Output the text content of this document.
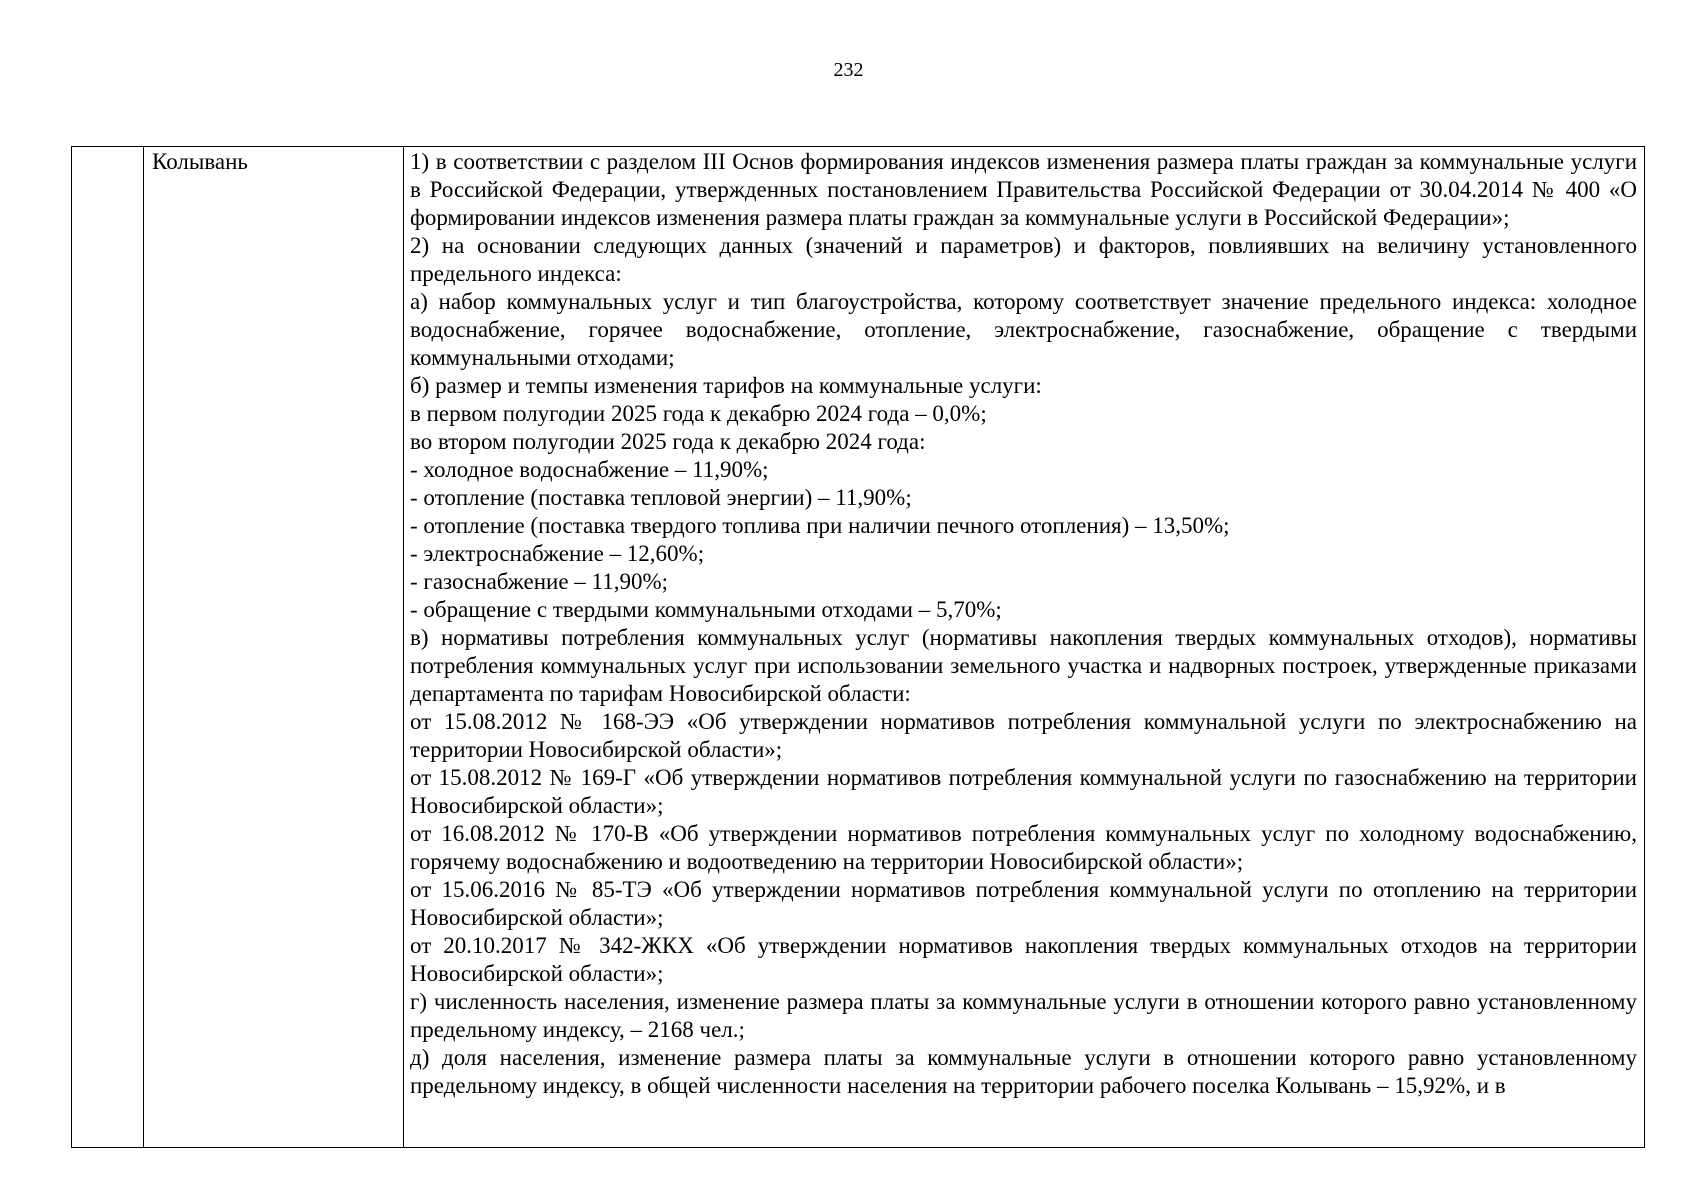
232
	Колывань	1) в соответствии с разделом III Основ формирования индексов изменения размера платы граждан за коммунальные услуги в Российской Федерации, утвержденных постановлением Правительства Российской Федерации от 30.04.2014 № 400 «О формировании индексов изменения размера платы граждан за коммунальные услуги в Российской Федерации»;

2) на основании следующих данных (значений и параметров) и факторов, повлиявших на величину установленного предельного индекса:

а) набор коммунальных услуг и тип благоустройства, которому соответствует значение предельного индекса: холодное водоснабжение, горячее водоснабжение, отопление, электроснабжение, газоснабжение, обращение с твердыми коммунальными отходами;

б) размер и темпы изменения тарифов на коммунальные услуги:

в первом полугодии 2025 года к декабрю 2024 года – 0,0%;

во втором полугодии 2025 года к декабрю 2024 года:

- холодное водоснабжение – 11,90%;

- отопление (поставка тепловой энергии) – 11,90%;

- отопление (поставка твердого топлива при наличии печного отопления) – 13,50%;

- электроснабжение – 12,60%;

- газоснабжение – 11,90%;

- обращение с твердыми коммунальными отходами – 5,70%;

в) нормативы потребления коммунальных услуг (нормативы накопления твердых коммунальных отходов), нормативы потребления коммунальных услуг при использовании земельного участка и надворных построек, утвержденные приказами департамента по тарифам Новосибирской области:

от 15.08.2012 № 168-ЭЭ «Об утверждении нормативов потребления коммунальной услуги по электроснабжению на территории Новосибирской области»;

от 15.08.2012 № 169-Г «Об утверждении нормативов потребления коммунальной услуги по газоснабжению на территории Новосибирской области»;

от 16.08.2012 № 170-В «Об утверждении нормативов потребления коммунальных услуг по холодному водоснабжению, горячему водоснабжению и водоотведению на территории Новосибирской области»;

от 15.06.2016 № 85-ТЭ «Об утверждении нормативов потребления коммунальной услуги по отоплению на территории Новосибирской области»;

от 20.10.2017 № 342-ЖКХ «Об утверждении нормативов накопления твердых коммунальных отходов на территории Новосибирской области»;

г) численность населения, изменение размера платы за коммунальные услуги в отношении которого равно установленному предельному индексу, – 2168 чел.;

д) доля населения, изменение размера платы за коммунальные услуги в отношении которого равно установленному предельному индексу, в общей численности населения на территории рабочего поселка Колывань – 15,92%, и в
